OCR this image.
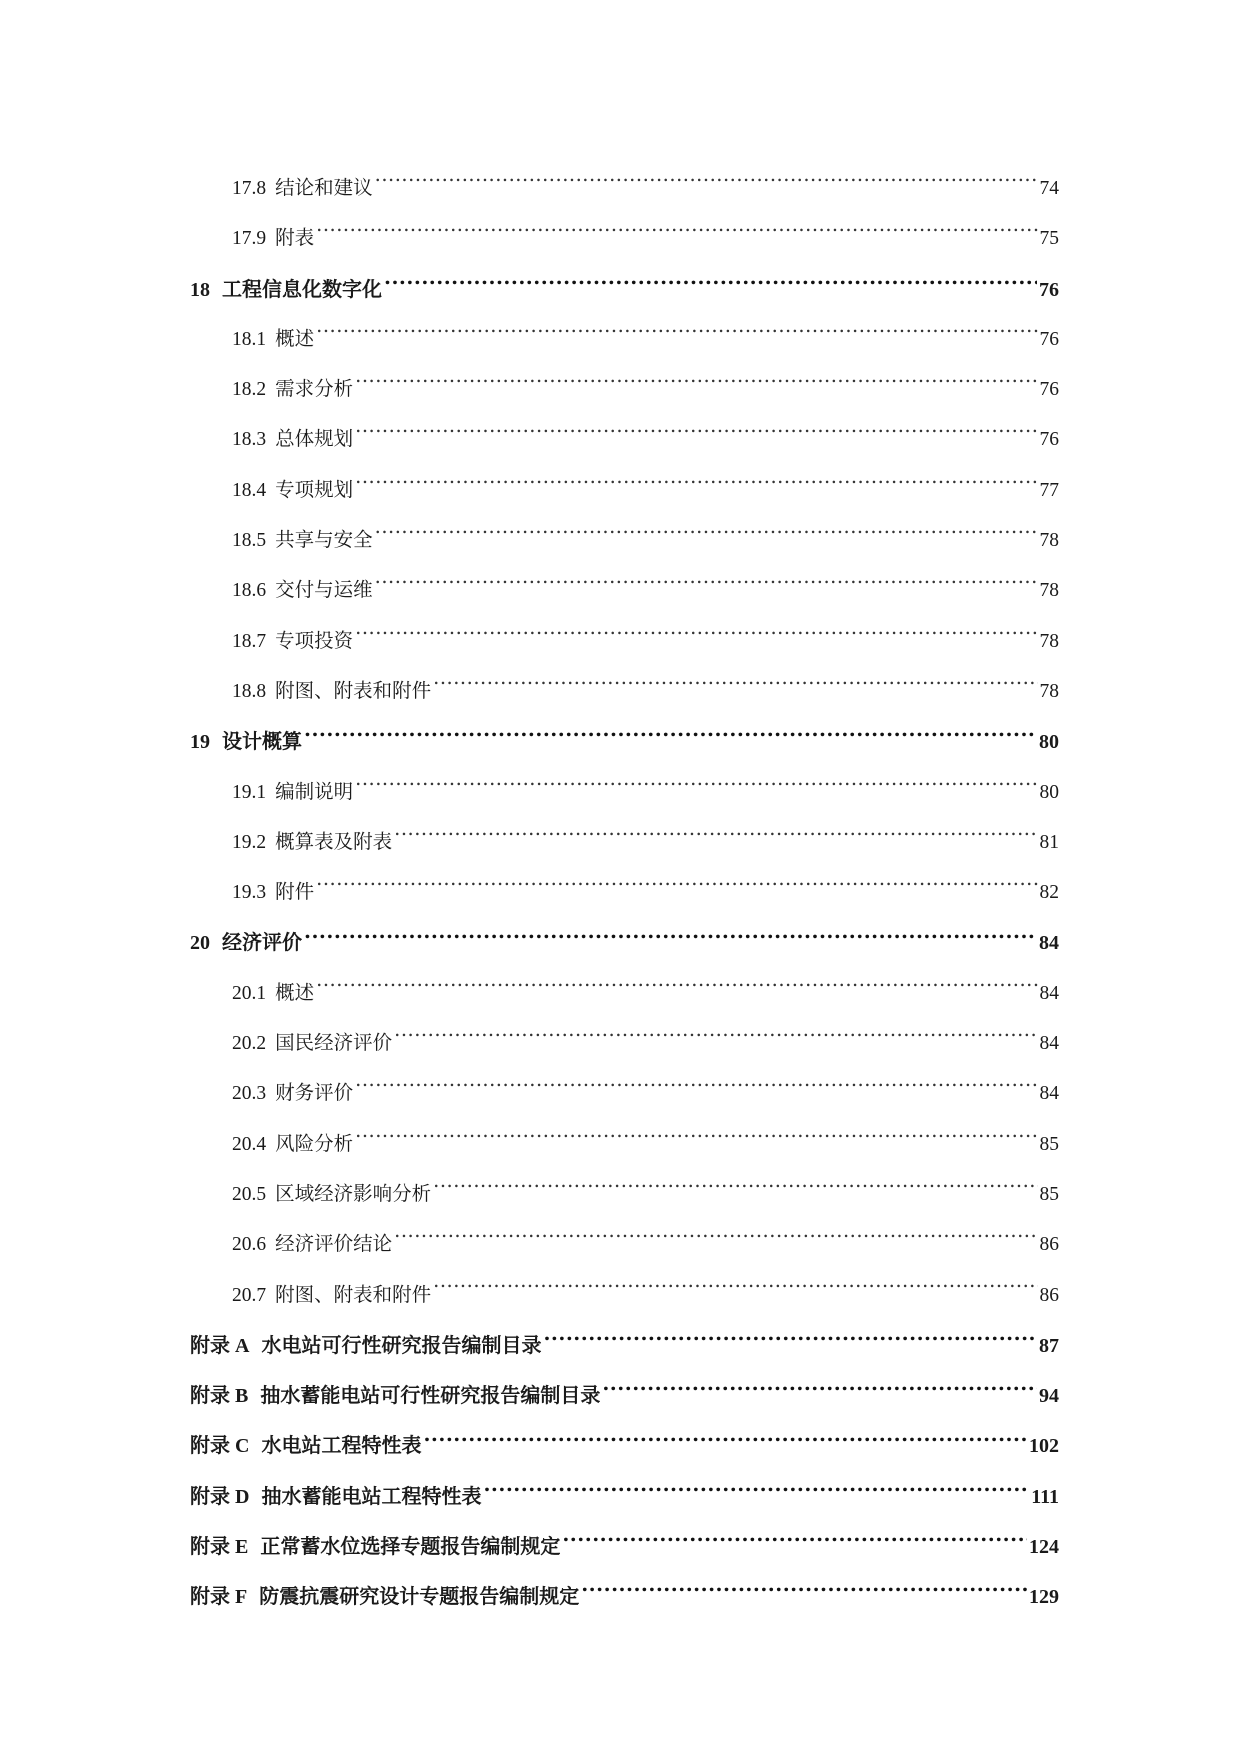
17.8 结论和建议 .....	74
17.9 附表 .....	75
18 工程信息化数字化 .....	76
18.1 概述 .....	76
18.2 需求分析 .....	76
18.3 总体规划 .....	76
18.4 专项规划 .....	77
18.5 共享与安全 .....	78
18.6 交付与运维 .....	78
18.7 专项投资 .....	78
18.8 附图、附表和附件 .....	78
19 设计概算 .....	80
19.1 编制说明 .....	80
19.2 概算表及附表 .....	81
19.3 附件 .....	82
20 经济评价 .....	84
20.1 概述 .....	84
20.2 国民经济评价 .....	84
20.3 财务评价 .....	84
20.4 风险分析 .....	85
20.5 区域经济影响分析 .....	85
20.6 经济评价结论 .....	86
20.7 附图、附表和附件 .....	86
附录 A 水电站可行性研究报告编制目录 .....	87
附录 B 抽水蓄能电站可行性研究报告编制目录 .....	94
附录 C 水电站工程特性表 .....	102
附录 D 抽水蓄能电站工程特性表 .....	111
附录 E 正常蓄水位选择专题报告编制规定 .....	124
附录 F 防震抗震研究设计专题报告编制规定 .....	129
